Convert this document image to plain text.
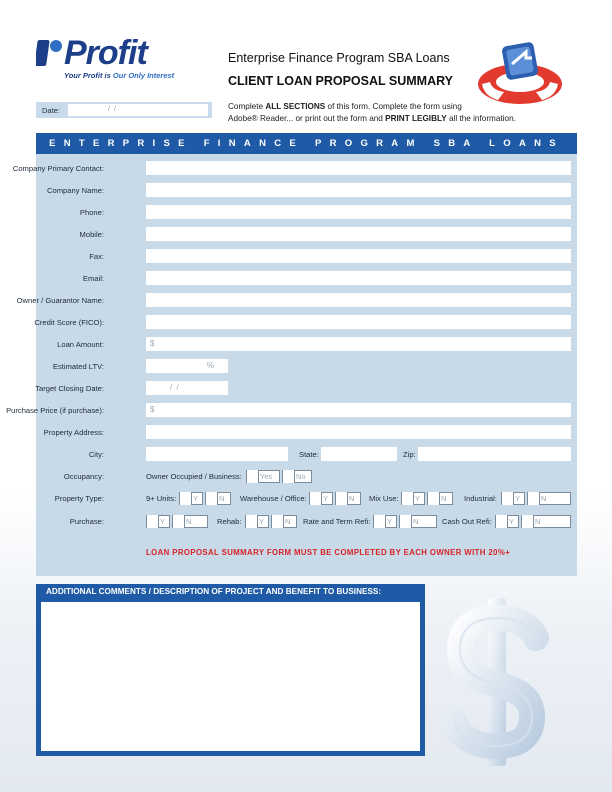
Profit
Your Profit is Our Only Interest
Enterprise Finance Program SBA Loans
CLIENT LOAN PROPOSAL SUMMARY
Complete ALL SECTIONS of this form. Complete the form using
Adobe® Reader... or print out the form and PRINT LEGIBLY all the information.
Date:	/ /
ENTERPRISE FINANCE PROGRAM SBA LOANS
Company Primary Contact:
Company Name:
Phone:
Mobile:
Fax:
Email:
Owner / Guarantor Name:
Credit Score (FICO):
Loan Amount:	$
Estimated LTV:	%
Target Closing Date:	/ /
Purchase Price (if purchase):	$
Property Address:
City:	State:	Zip:
Occupancy:	Owner Occupied / Business:	Yes	No
Property Type:	9+ Units:	Y	N	Warehouse / Office:	Y	N	Mix Use:	Y	N	Industrial:	Y	N
Purchase:	Y	N	Rehab:	Y	N	Rate and Term Refi:	Y	N	Cash Out Refi:	Y	N
LOAN PROPOSAL SUMMARY FORM MUST BE COMPLETED BY EACH OWNER WITH 20%+
ADDITIONAL COMMENTS / DESCRIPTION OF PROJECT AND BENEFIT TO BUSINESS:
